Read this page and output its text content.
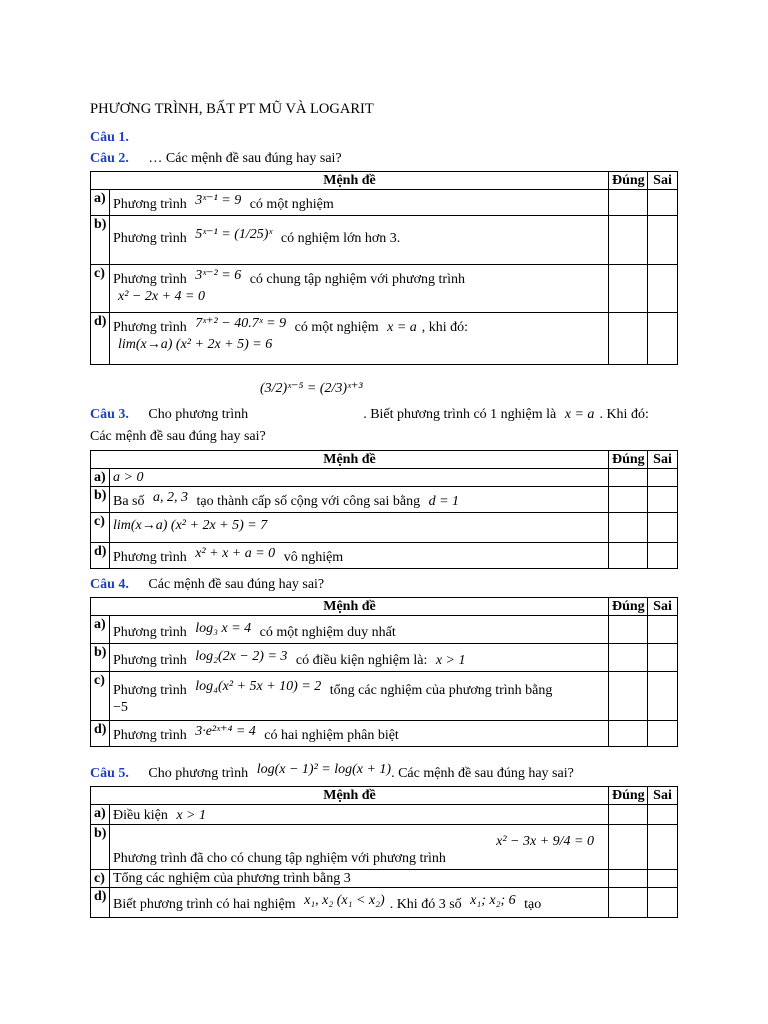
PHƯƠNG TRÌNH, BẤT PT MŨ VÀ LOGARIT
Câu 1.
Câu 2. … Các mệnh đề sau đúng hay sai?
Mệnh đề		Đúng	Sai
a)	Phương trình 3ˣ⁻¹ = 9 có một nghiệm		
b)	Phương trình 5ˣ⁻¹ = (1/25)ˣ có nghiệm lớn hơn 3.		
c)	Phương trình 3ˣ⁻² = 6 có chung tập nghiệm với phương trình
x² − 2x + 4 = 0		
d)	Phương trình 7ˣ⁺² − 40.7ˣ = 9 có một nghiệm x = a , khi đó:
lim(x→a) (x² + 2x + 5) = 6		
(3/2)ˣ⁻⁵ = (2/3)ˣ⁺³
Câu 3. Cho phương trình	. Biết phương trình có 1 nghiệm là x = a . Khi đó:
Các mệnh đề sau đúng hay sai?
Mệnh đề		Đúng	Sai
a)	a > 0		
b)	Ba số a, 2, 3 tạo thành cấp số cộng với công sai bằng d = 1		
c)	lim(x→a) (x² + 2x + 5) = 7		
d)	Phương trình x² + x + a = 0 vô nghiệm		
Câu 4. Các mệnh đề sau đúng hay sai?
Mệnh đề		Đúng	Sai
a)	Phương trình log₃ x = 4 có một nghiệm duy nhất		
b)	Phương trình log₂(2x − 2) = 3 có điều kiện nghiệm là: x > 1		
c)	Phương trình log₄(x² + 5x + 10) = 2 tổng các nghiệm của phương trình bằng
−5		
d)	Phương trình 3·e²ˣ⁺⁴ = 4 có hai nghiệm phân biệt		
Câu 5. Cho phương trình log(x − 1)² = log(x + 1). Các mệnh đề sau đúng hay sai?
Mệnh đề		Đúng	Sai
a)	Điều kiện x > 1		
b)	x² − 3x + 9/4 = 0
Phương trình đã cho có chung tập nghiệm với phương trình		
c)	Tổng các nghiệm của phương trình bằng 3		
d)	Biết phương trình có hai nghiệm x₁, x₂ (x₁ < x₂) . Khi đó 3 số x₁; x₂; 6 tạo		
